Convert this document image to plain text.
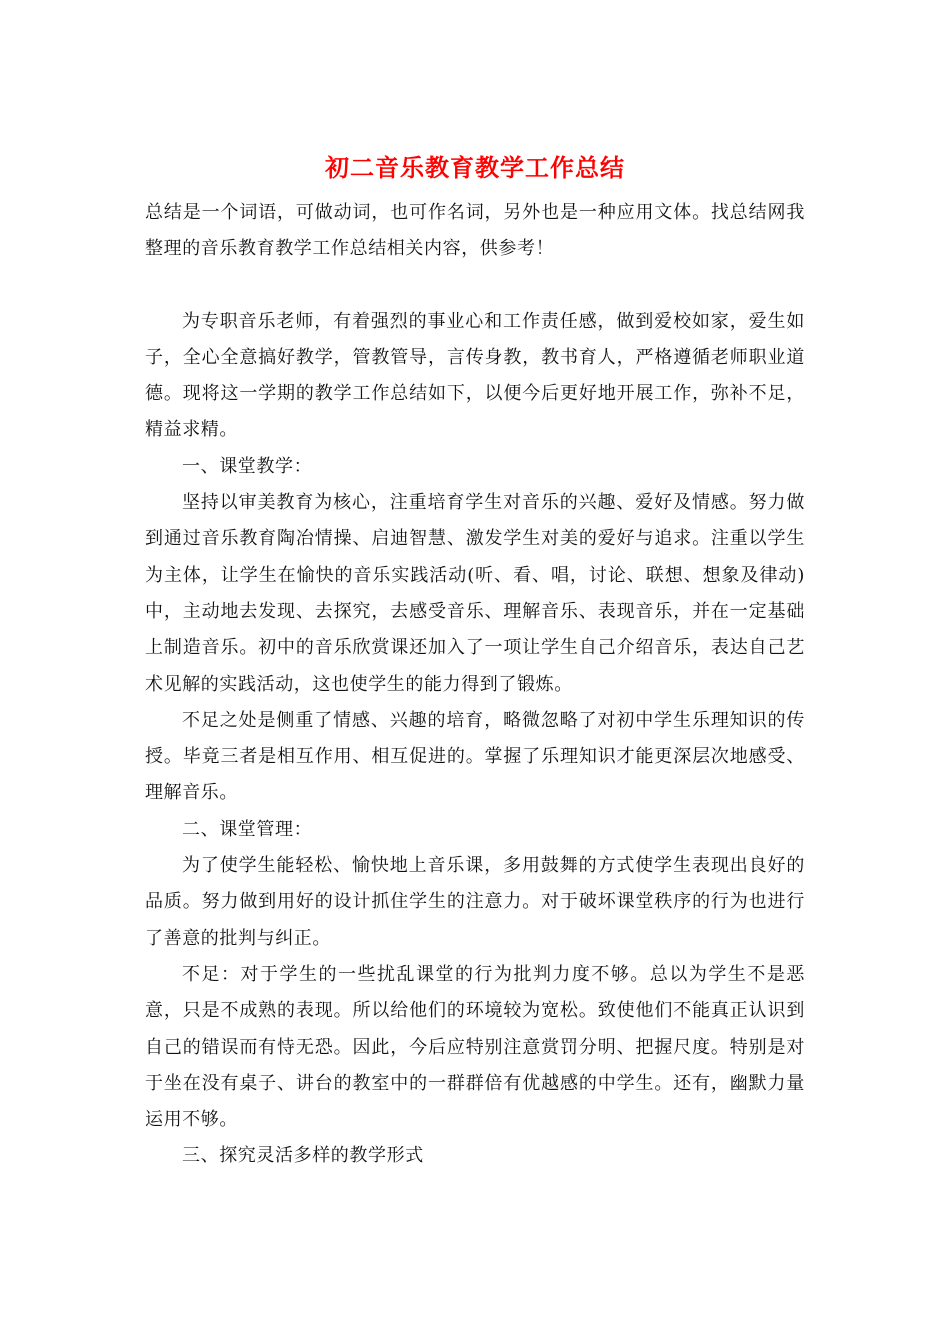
初二音乐教育教学工作总结

总结是一个词语，可做动词，也可作名词，另外也是一种应用文体。找总结网我整理的音乐教育教学工作总结相关内容，供参考！

为专职音乐老师，有着强烈的事业心和工作责任感，做到爱校如家，爱生如子，全心全意搞好教学，管教管导，言传身教，教书育人，严格遵循老师职业道德。现将这一学期的教学工作总结如下，以便今后更好地开展工作，弥补不足，精益求精。

一、课堂教学：

坚持以审美教育为核心，注重培育学生对音乐的兴趣、爱好及情感。努力做到通过音乐教育陶冶情操、启迪智慧、激发学生对美的爱好与追求。注重以学生为主体，让学生在愉快的音乐实践活动(听、看、唱，讨论、联想、想象及律动)中，主动地去发现、去探究，去感受音乐、理解音乐、表现音乐，并在一定基础上制造音乐。初中的音乐欣赏课还加入了一项让学生自己介绍音乐，表达自己艺术见解的实践活动，这也使学生的能力得到了锻炼。

不足之处是侧重了情感、兴趣的培育，略微忽略了对初中学生乐理知识的传授。毕竟三者是相互作用、相互促进的。掌握了乐理知识才能更深层次地感受、理解音乐。

二、课堂管理：

为了使学生能轻松、愉快地上音乐课，多用鼓舞的方式使学生表现出良好的品质。努力做到用好的设计抓住学生的注意力。对于破坏课堂秩序的行为也进行了善意的批判与纠正。

不足：对于学生的一些扰乱课堂的行为批判力度不够。总以为学生不是恶意，只是不成熟的表现。所以给他们的环境较为宽松。致使他们不能真正认识到自己的错误而有恃无恐。因此，今后应特别注意赏罚分明、把握尺度。特别是对于坐在没有桌子、讲台的教室中的一群群倍有优越感的中学生。还有，幽默力量运用不够。

三、探究灵活多样的教学形式
